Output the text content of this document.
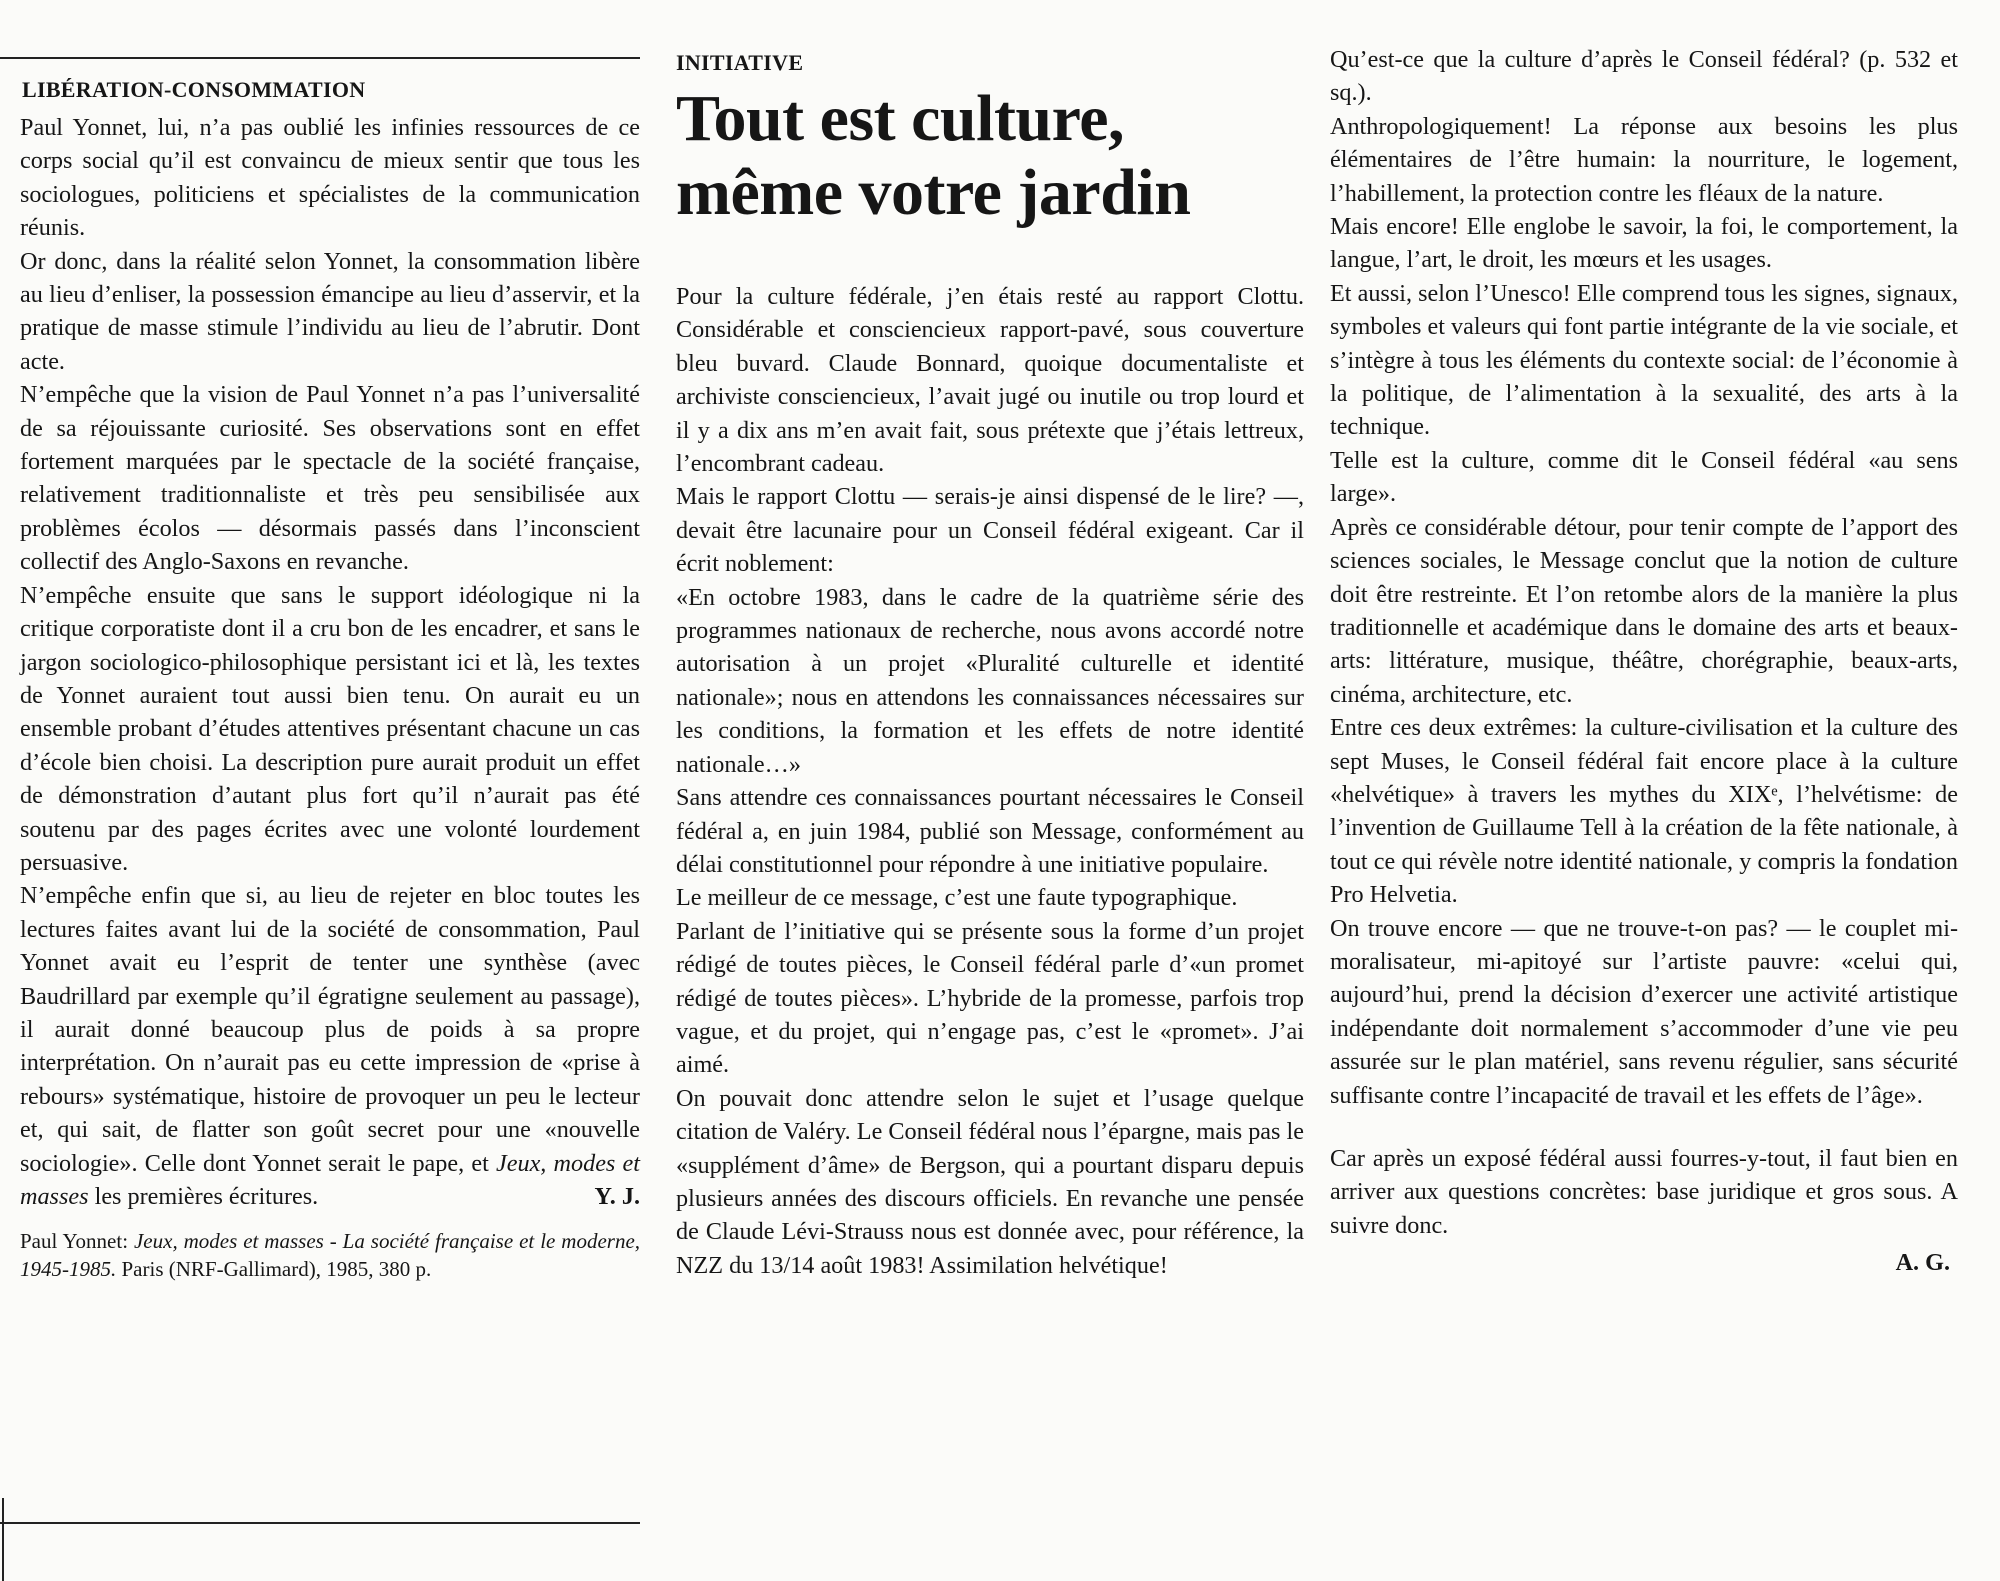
LIBÉRATION-CONSOMMATION

Paul Yonnet, lui, n’a pas oublié les infinies ressources de ce corps social qu’il est convaincu de mieux sentir que tous les sociologues, politiciens et spécialistes de la communication réunis.

Or donc, dans la réalité selon Yonnet, la consommation libère au lieu d’enliser, la possession émancipe au lieu d’asservir, et la pratique de masse stimule l’individu au lieu de l’abrutir. Dont acte.

N’empêche que la vision de Paul Yonnet n’a pas l’universalité de sa réjouissante curiosité. Ses observations sont en effet fortement marquées par le spectacle de la société française, relativement traditionnaliste et très peu sensibilisée aux problèmes écolos — désormais passés dans l’inconscient collectif des Anglo-Saxons en revanche.

N’empêche ensuite que sans le support idéologique ni la critique corporatiste dont il a cru bon de les encadrer, et sans le jargon sociologico-philosophique persistant ici et là, les textes de Yonnet auraient tout aussi bien tenu. On aurait eu un ensemble probant d’études attentives présentant chacune un cas d’école bien choisi. La description pure aurait produit un effet de démonstration d’autant plus fort qu’il n’aurait pas été soutenu par des pages écrites avec une volonté lourdement persuasive.

N’empêche enfin que si, au lieu de rejeter en bloc toutes les lectures faites avant lui de la société de consommation, Paul Yonnet avait eu l’esprit de tenter une synthèse (avec Baudrillard par exemple qu’il égratigne seulement au passage), il aurait donné beaucoup plus de poids à sa propre interprétation. On n’aurait pas eu cette impression de «prise à rebours» systématique, histoire de provoquer un peu le lecteur et, qui sait, de flatter son goût secret pour une «nouvelle sociologie». Celle dont Yonnet serait le pape, et Jeux, modes et masses les premières écritures.	Y. J.

Paul Yonnet: Jeux, modes et masses - La société française et le moderne, 1945-1985. Paris (NRF-Gallimard), 1985, 380 p.
INITIATIVE
Tout est culture,
même votre jardin

Pour la culture fédérale, j’en étais resté au rapport Clottu. Considérable et consciencieux rapport-pavé, sous couverture bleu buvard. Claude Bonnard, quoique documentaliste et archiviste consciencieux, l’avait jugé ou inutile ou trop lourd et il y a dix ans m’en avait fait, sous prétexte que j’étais lettreux, l’encombrant cadeau.

Mais le rapport Clottu — serais-je ainsi dispensé de le lire? —, devait être lacunaire pour un Conseil fédéral exigeant. Car il écrit noblement:

«En octobre 1983, dans le cadre de la quatrième série des programmes nationaux de recherche, nous avons accordé notre autorisation à un projet «Pluralité culturelle et identité nationale»; nous en attendons les connaissances nécessaires sur les conditions, la formation et les effets de notre identité nationale…»

Sans attendre ces connaissances pourtant nécessaires le Conseil fédéral a, en juin 1984, publié son Message, conformément au délai constitutionnel pour répondre à une initiative populaire.

Le meilleur de ce message, c’est une faute typographique.

Parlant de l’initiative qui se présente sous la forme d’un projet rédigé de toutes pièces, le Conseil fédéral parle d’«un promet rédigé de toutes pièces». L’hybride de la promesse, parfois trop vague, et du projet, qui n’engage pas, c’est le «promet». J’ai aimé.

On pouvait donc attendre selon le sujet et l’usage quelque citation de Valéry. Le Conseil fédéral nous l’épargne, mais pas le «supplément d’âme» de Bergson, qui a pourtant disparu depuis plusieurs années des discours officiels. En revanche une pensée de Claude Lévi-Strauss nous est donnée avec, pour référence, la NZZ du 13/14 août 1983! Assimilation helvétique!

Qu’est-ce que la culture d’après le Conseil fédéral? (p. 532 et sq.).

Anthropologiquement! La réponse aux besoins les plus élémentaires de l’être humain: la nourriture, le logement, l’habillement, la protection contre les fléaux de la nature.

Mais encore! Elle englobe le savoir, la foi, le comportement, la langue, l’art, le droit, les mœurs et les usages.

Et aussi, selon l’Unesco! Elle comprend tous les signes, signaux, symboles et valeurs qui font partie intégrante de la vie sociale, et s’intègre à tous les éléments du contexte social: de l’économie à la politique, de l’alimentation à la sexualité, des arts à la technique.

Telle est la culture, comme dit le Conseil fédéral «au sens large».

Après ce considérable détour, pour tenir compte de l’apport des sciences sociales, le Message conclut que la notion de culture doit être restreinte. Et l’on retombe alors de la manière la plus traditionnelle et académique dans le domaine des arts et beaux-arts: littérature, musique, théâtre, chorégraphie, beaux-arts, cinéma, architecture, etc.

Entre ces deux extrêmes: la culture-civilisation et la culture des sept Muses, le Conseil fédéral fait encore place à la culture «helvétique» à travers les mythes du XIXᵉ, l’helvétisme: de l’invention de Guillaume Tell à la création de la fête nationale, à tout ce qui révèle notre identité nationale, y compris la fondation Pro Helvetia.

On trouve encore — que ne trouve-t-on pas? — le couplet mi-moralisateur, mi-apitoyé sur l’artiste pauvre: «celui qui, aujourd’hui, prend la décision d’exercer une activité artistique indépendante doit normalement s’accommoder d’une vie peu assurée sur le plan matériel, sans revenu régulier, sans sécurité suffisante contre l’incapacité de travail et les effets de l’âge».

Car après un exposé fédéral aussi fourres-y-tout, il faut bien en arriver aux questions concrètes: base juridique et gros sous. A suivre donc.

A. G.
